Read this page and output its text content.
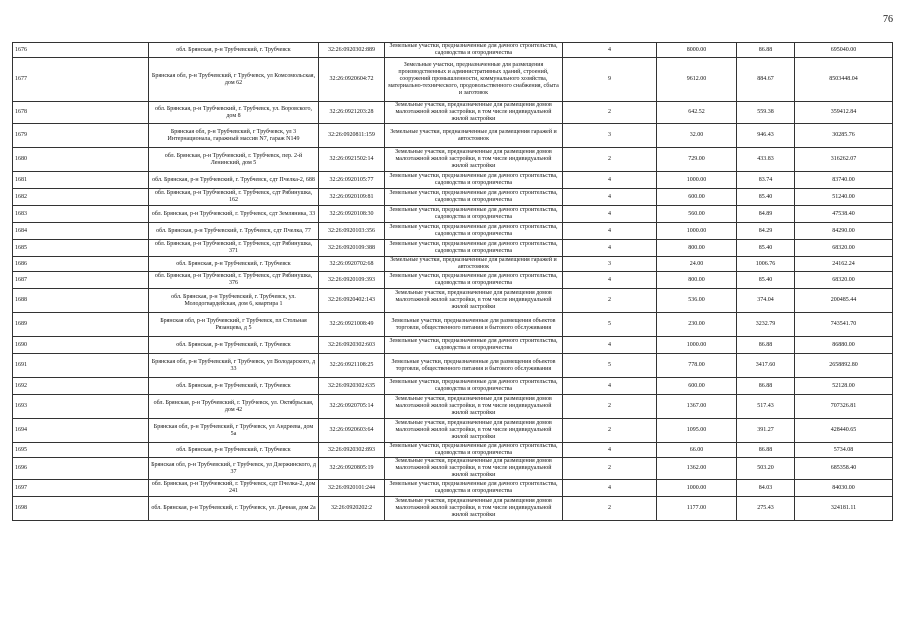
76
1676	обл. Брянская, р-н Трубчевский, г. Трубчевск	32:26:0920302:889	Земельные участки, предназначенные для дачного строительства, садоводства и огородничества	4	8000.00	86.88	695040.00
1677	Брянская обл, р-н Трубчевский, г Трубчевск, ул Комсомольская, дом 62	32:26:0920604:72	Земельные участки, предназначенные для размещения производственных и административных зданий, строений, сооружений промышленности, коммунального хозяйства, материально-технического, продовольственного снабжения, сбыта и заготовок	9	9612.00	884.67	8503448.04
1678	обл. Брянская, р-н Трубчевский, г. Трубчевск, ул. Воровского, дом 8	32:26:0921203:28	Земельные участки, предназначенные для размещения домов малоэтажной жилой застройки, в том числе индивидуальной жилой застройки	2	642.52	559.38	359412.84
1679	Брянская обл, р-н Трубчевский, г Трубчевск, ул 3 Интернационала, гаражный массив N7, гараж N149	32:26:0920811:159	Земельные участки, предназначенные для размещения гаражей и автостоянок	3	32.00	946.43	30285.76
1680	обл. Брянская, р-н Трубчевский, г. Трубчевск, пер. 2-й Ленинский, дом 5	32:26:0921502:14	Земельные участки, предназначенные для размещения домов малоэтажной жилой застройки, в том числе индивидуальной жилой застройки	2	729.00	433.83	316262.07
1681	обл. Брянская, р-н Трубчевский, г. Трубчевск, сдт Пчелка-2, 688	32:26:0920105:77	Земельные участки, предназначенные для дачного строительства, садоводства и огородничества	4	1000.00	83.74	83740.00
1682	обл. Брянская, р-н Трубчевский, г. Трубчевск, сдт Рябинушка, 162	32:26:0920109:81	Земельные участки, предназначенные для дачного строительства, садоводства и огородничества	4	600.00	85.40	51240.00
1683	обл. Брянская, р-н Трубчевский, г. Трубчевск, сдт Земляника, 33	32:26:0920108:30	Земельные участки, предназначенные для дачного строительства, садоводства и огородничества	4	560.00	84.89	47538.40
1684	обл. Брянская, р-н Трубчевский, г. Трубчевск, сдт Пчелка, 77	32:26:0920103:356	Земельные участки, предназначенные для дачного строительства, садоводства и огородничества	4	1000.00	84.29	84290.00
1685	обл. Брянская, р-н Трубчевский, г. Трубчевск, сдт Рябинушка, 371	32:26:0920109:388	Земельные участки, предназначенные для дачного строительства, садоводства и огородничества	4	800.00	85.40	68320.00
1686	обл. Брянская, р-н Трубчевский, г. Трубчевск	32:26:0920702:68	Земельные участки, предназначенные для размещения гаражей и автостоянок	3	24.00	1006.76	24162.24
1687	обл. Брянская, р-н Трубчевский, г. Трубчевск, сдт Рябинушка, 376	32:26:0920109:393	Земельные участки, предназначенные для дачного строительства, садоводства и огородничества	4	800.00	85.40	68320.00
1688	обл. Брянская, р-н Трубчевский, г. Трубчевск, ул. Молодогвардейская, дом 6, квартира 1	32:26:0920402:143	Земельные участки, предназначенные для размещения домов малоэтажной жилой застройки, в том числе индивидуальной жилой застройки	2	536.00	374.04	200485.44
1689	Брянская обл, р-н Трубчевский, г Трубчевск, пл Стольная Рязанцева, д 5	32:26:0921008:49	Земельные участки, предназначенные для размещения объектов торговли, общественного питания и бытового обслуживания	5	230.00	3232.79	743541.70
1690	обл. Брянская, р-н Трубчевский, г. Трубчевск	32:26:0920302:603	Земельные участки, предназначенные для дачного строительства, садоводства и огородничества	4	1000.00	86.88	86880.00
1691	Брянская обл, р-н Трубчевский, г Трубчевск, ул Володарского, д 33	32:26:0921108:25	Земельные участки, предназначенные для размещения объектов торговли, общественного питания и бытового обслуживания	5	778.00	3417.60	2658892.80
1692	обл. Брянская, р-н Трубчевский, г. Трубчевск	32:26:0920302:635	Земельные участки, предназначенные для дачного строительства, садоводства и огородничества	4	600.00	86.88	52128.00
1693	обл. Брянская, р-н Трубчевский, г. Трубчевск, ул. Октябрьская, дом 42	32:26:0920705:14	Земельные участки, предназначенные для размещения домов малоэтажной жилой застройки, в том числе индивидуальной жилой застройки	2	1367.00	517.43	707326.81
1694	Брянская обл, р-н Трубчевский, г Трубчевск, ул Андреева, дом 5а	32:26:0920603:64	Земельные участки, предназначенные для размещения домов малоэтажной жилой застройки, в том числе индивидуальной жилой застройки	2	1095.00	391.27	428440.65
1695	обл. Брянская, р-н Трубчевский, г. Трубчевск	32:26:0920302:893	Земельные участки, предназначенные для дачного строительства, садоводства и огородничества	4	66.00	86.88	5734.08
1696	Брянская обл, р-н Трубчевский, г Трубчевск, ул Дзержинского, д 37	32:26:0920805:19	Земельные участки, предназначенные для размещения домов малоэтажной жилой застройки, в том числе индивидуальной жилой застройки	2	1362.00	503.20	685358.40
1697	обл. Брянская, р-н Трубчевский, г. Трубчевск, сдт Пчелка-2, дом 241	32:26:0920101:244	Земельные участки, предназначенные для дачного строительства, садоводства и огородничества	4	1000.00	84.03	84030.00
1698	обл. Брянская, р-н Трубчевский, г. Трубчевск, ул. Дачная, дом 2а	32:26:0920202:2	Земельные участки, предназначенные для размещения домов малоэтажной жилой застройки, в том числе индивидуальной жилой застройки	2	1177.00	275.43	324181.11
